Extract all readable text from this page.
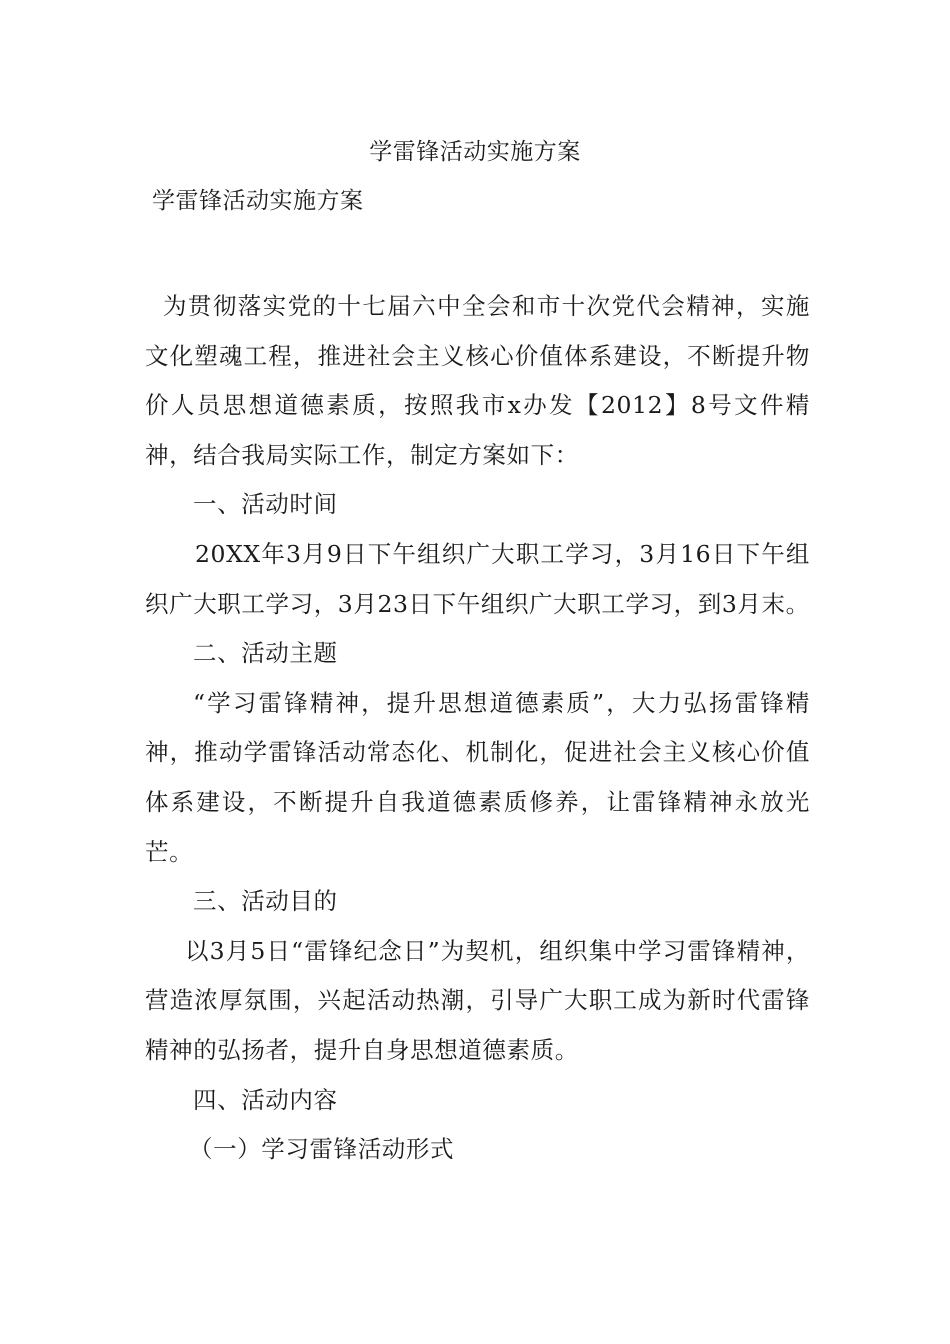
学雷锋活动实施方案
学雷锋活动实施方案

为贯彻落实党的十七届六中全会和市十次党代会精神，实施文化塑魂工程，推进社会主义核心价值体系建设，不断提升物价人员思想道德素质，按照我市x办发【2012】8号文件精神，结合我局实际工作，制定方案如下：

一、活动时间

20XX年3月9日下午组织广大职工学习，3月16日下午组织广大职工学习，3月23日下午组织广大职工学习，到3月末。

二、活动主题

“学习雷锋精神，提升思想道德素质”，大力弘扬雷锋精神，推动学雷锋活动常态化、机制化，促进社会主义核心价值体系建设，不断提升自我道德素质修养，让雷锋精神永放光芒。

三、活动目的

以3月5日“雷锋纪念日”为契机，组织集中学习雷锋精神，营造浓厚氛围，兴起活动热潮，引导广大职工成为新时代雷锋精神的弘扬者，提升自身思想道德素质。

四、活动内容

（一）学习雷锋活动形式
